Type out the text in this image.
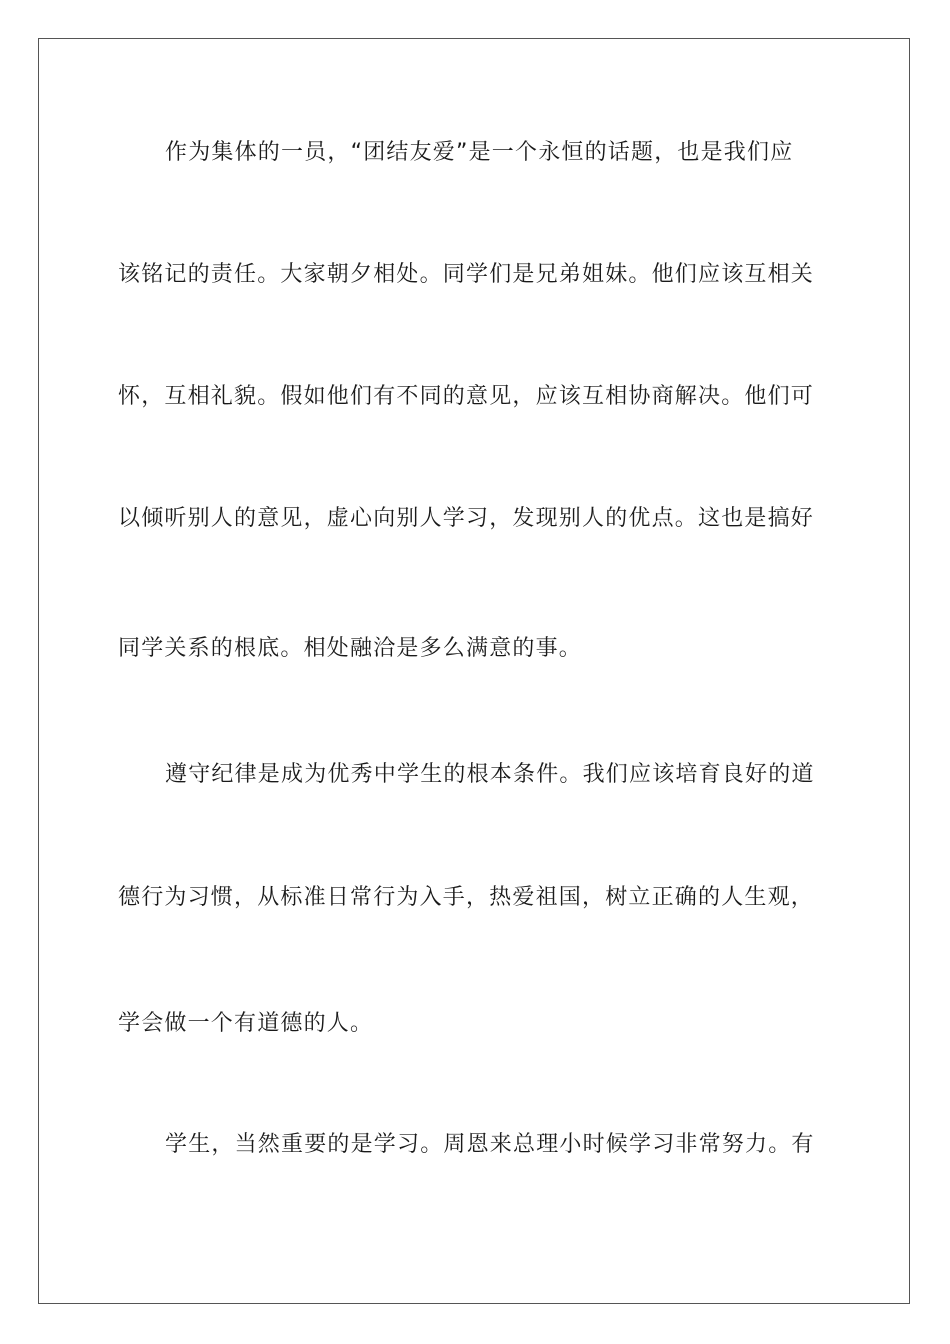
作为集体的一员，“团结友爱”是一个永恒的话题，也是我们应
该铭记的责任。大家朝夕相处。同学们是兄弟姐妹。他们应该互相关
怀，互相礼貌。假如他们有不同的意见，应该互相协商解决。他们可
以倾听别人的意见，虚心向别人学习，发现别人的优点。这也是搞好
同学关系的根底。相处融洽是多么满意的事。
遵守纪律是成为优秀中学生的根本条件。我们应该培育良好的道
德行为习惯，从标准日常行为入手，热爱祖国，树立正确的人生观，
学会做一个有道德的人。
学生，当然重要的是学习。周恩来总理小时候学习非常努力。有
